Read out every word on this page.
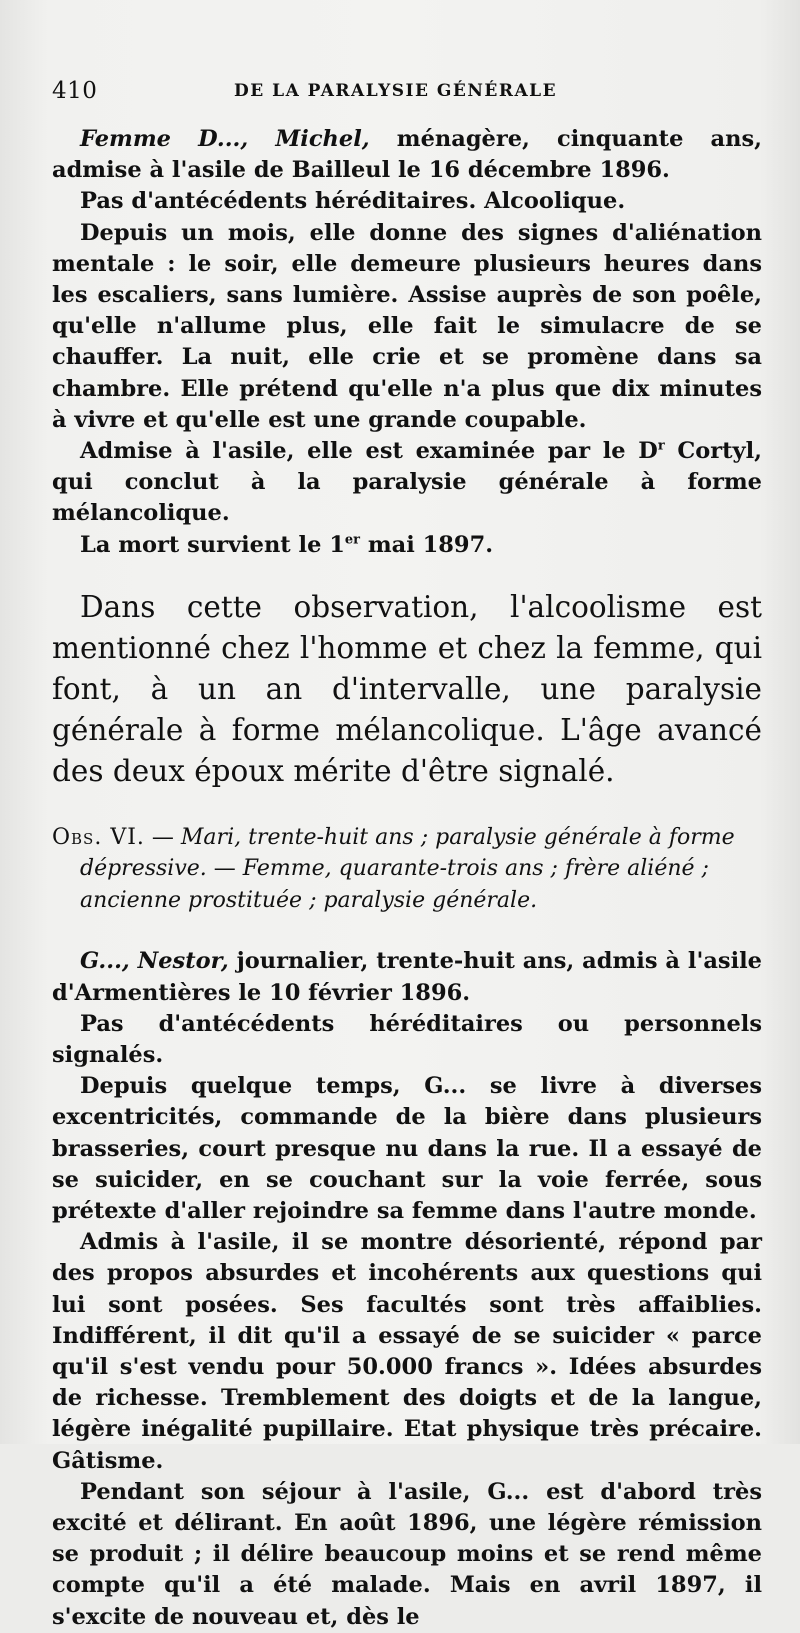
410	DE LA PARALYSIE GÉNÉRALE

Femme D..., Michel, ménagère, cinquante ans, admise à l'asile de Bailleul le 16 décembre 1896.

Pas d'antécédents héréditaires. Alcoolique.

Depuis un mois, elle donne des signes d'aliénation mentale : le soir, elle demeure plusieurs heures dans les escaliers, sans lumière. Assise auprès de son poêle, qu'elle n'allume plus, elle fait le simulacre de se chauffer. La nuit, elle crie et se promène dans sa chambre. Elle prétend qu'elle n'a plus que dix minutes à vivre et qu'elle est une grande coupable.

Admise à l'asile, elle est examinée par le $D^r$ Cortyl, qui conclut à la paralysie générale à forme mélancolique.

La mort survient le 1er mai 1897.

Dans cette observation, l'alcoolisme est mentionné chez l'homme et chez la femme, qui font, à un an d'intervalle, une paralysie générale à forme mélancolique. L'âge avancé des deux époux mérite d'être signalé.

Obs. VI. — Mari, trente-huit ans ; paralysie générale à forme
dépressive. — Femme, quarante-trois ans ; frère aliéné ;
ancienne prostituée ; paralysie générale.

G..., Nestor, journalier, trente-huit ans, admis à l'asile d'Armentières le 10 février 1896.

Pas d'antécédents héréditaires ou personnels signalés.

Depuis quelque temps, G... se livre à diverses excentricités, commande de la bière dans plusieurs brasseries, court presque nu dans la rue. Il a essayé de se suicider, en se couchant sur la voie ferrée, sous prétexte d'aller rejoindre sa femme dans l'autre monde.

Admis à l'asile, il se montre désorienté, répond par des propos absurdes et incohérents aux questions qui lui sont posées. Ses facultés sont très affaiblies. Indifférent, il dit qu'il a essayé de se suicider « parce qu'il s'est vendu pour 50.000 francs ». Idées absurdes de richesse. Tremblement des doigts et de la langue, légère inégalité pupillaire. Etat physique très précaire. Gâtisme.

Pendant son séjour à l'asile, G... est d'abord très excité et délirant. En août 1896, une légère rémission se produit ; il délire beaucoup moins et se rend même compte qu'il a été malade. Mais en avril 1897, il s'excite de nouveau et, dès le
